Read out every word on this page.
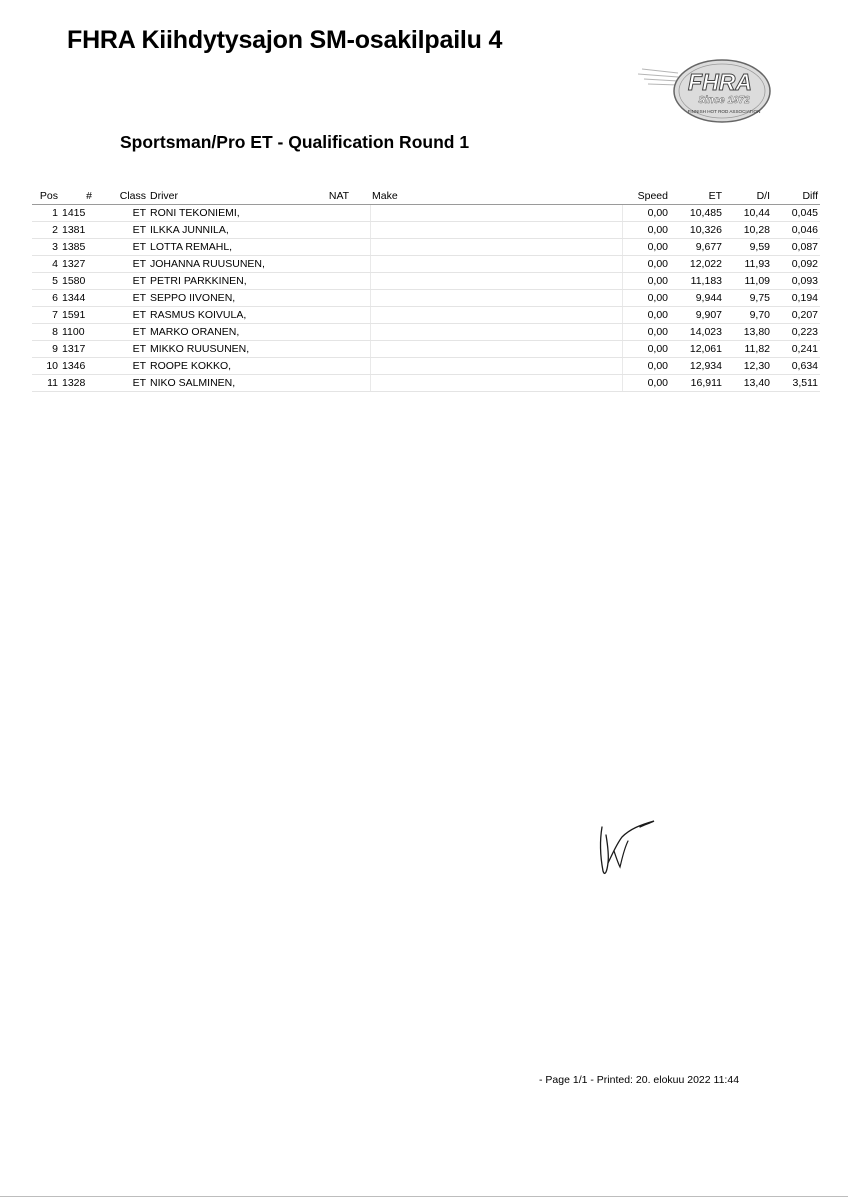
FHRA Kiihdytysajon SM-osakilpailu 4
FHRA
Since 1972
FINNISH HOT ROD ASSOCIATION
Sportsman/Pro ET - Qualification Round 1
Pos	#	Class	Driver	NAT	Make	Speed	ET	D/I	Diff
1	1415	ET	RONI TEKONIEMI,			0,00	10,485	10,44	0,045
2	1381	ET	ILKKA JUNNILA,			0,00	10,326	10,28	0,046
3	1385	ET	LOTTA REMAHL,			0,00	9,677	9,59	0,087
4	1327	ET	JOHANNA RUUSUNEN,			0,00	12,022	11,93	0,092
5	1580	ET	PETRI PARKKINEN,			0,00	11,183	11,09	0,093
6	1344	ET	SEPPO IIVONEN,			0,00	9,944	9,75	0,194
7	1591	ET	RASMUS KOIVULA,			0,00	9,907	9,70	0,207
8	1100	ET	MARKO ORANEN,			0,00	14,023	13,80	0,223
9	1317	ET	MIKKO RUUSUNEN,			0,00	12,061	11,82	0,241
10	1346	ET	ROOPE KOKKO,			0,00	12,934	12,30	0,634
11	1328	ET	NIKO SALMINEN,			0,00	16,911	13,40	3,511
- Page 1/1 - Printed: 20. elokuu 2022 11:44
